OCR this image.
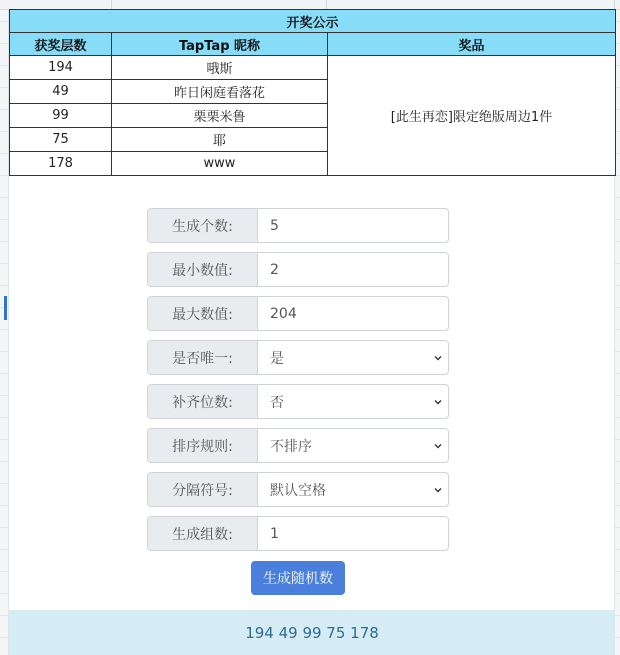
开奖公示		
获奖层数	TapTap 昵称	奖品
194	哦斯	[此生再恋]限定绝版周边1件
49	昨日闲庭看落花	
99	栗栗米鲁	
75	耶	
178	www	
生成个数:	5
最小数值:	2
最大数值:	204
是否唯一:	是
补齐位数:	否
排序规则:	不排序
分隔符号:	默认空格
生成组数:	1
生成随机数
194 49 99 75 178
